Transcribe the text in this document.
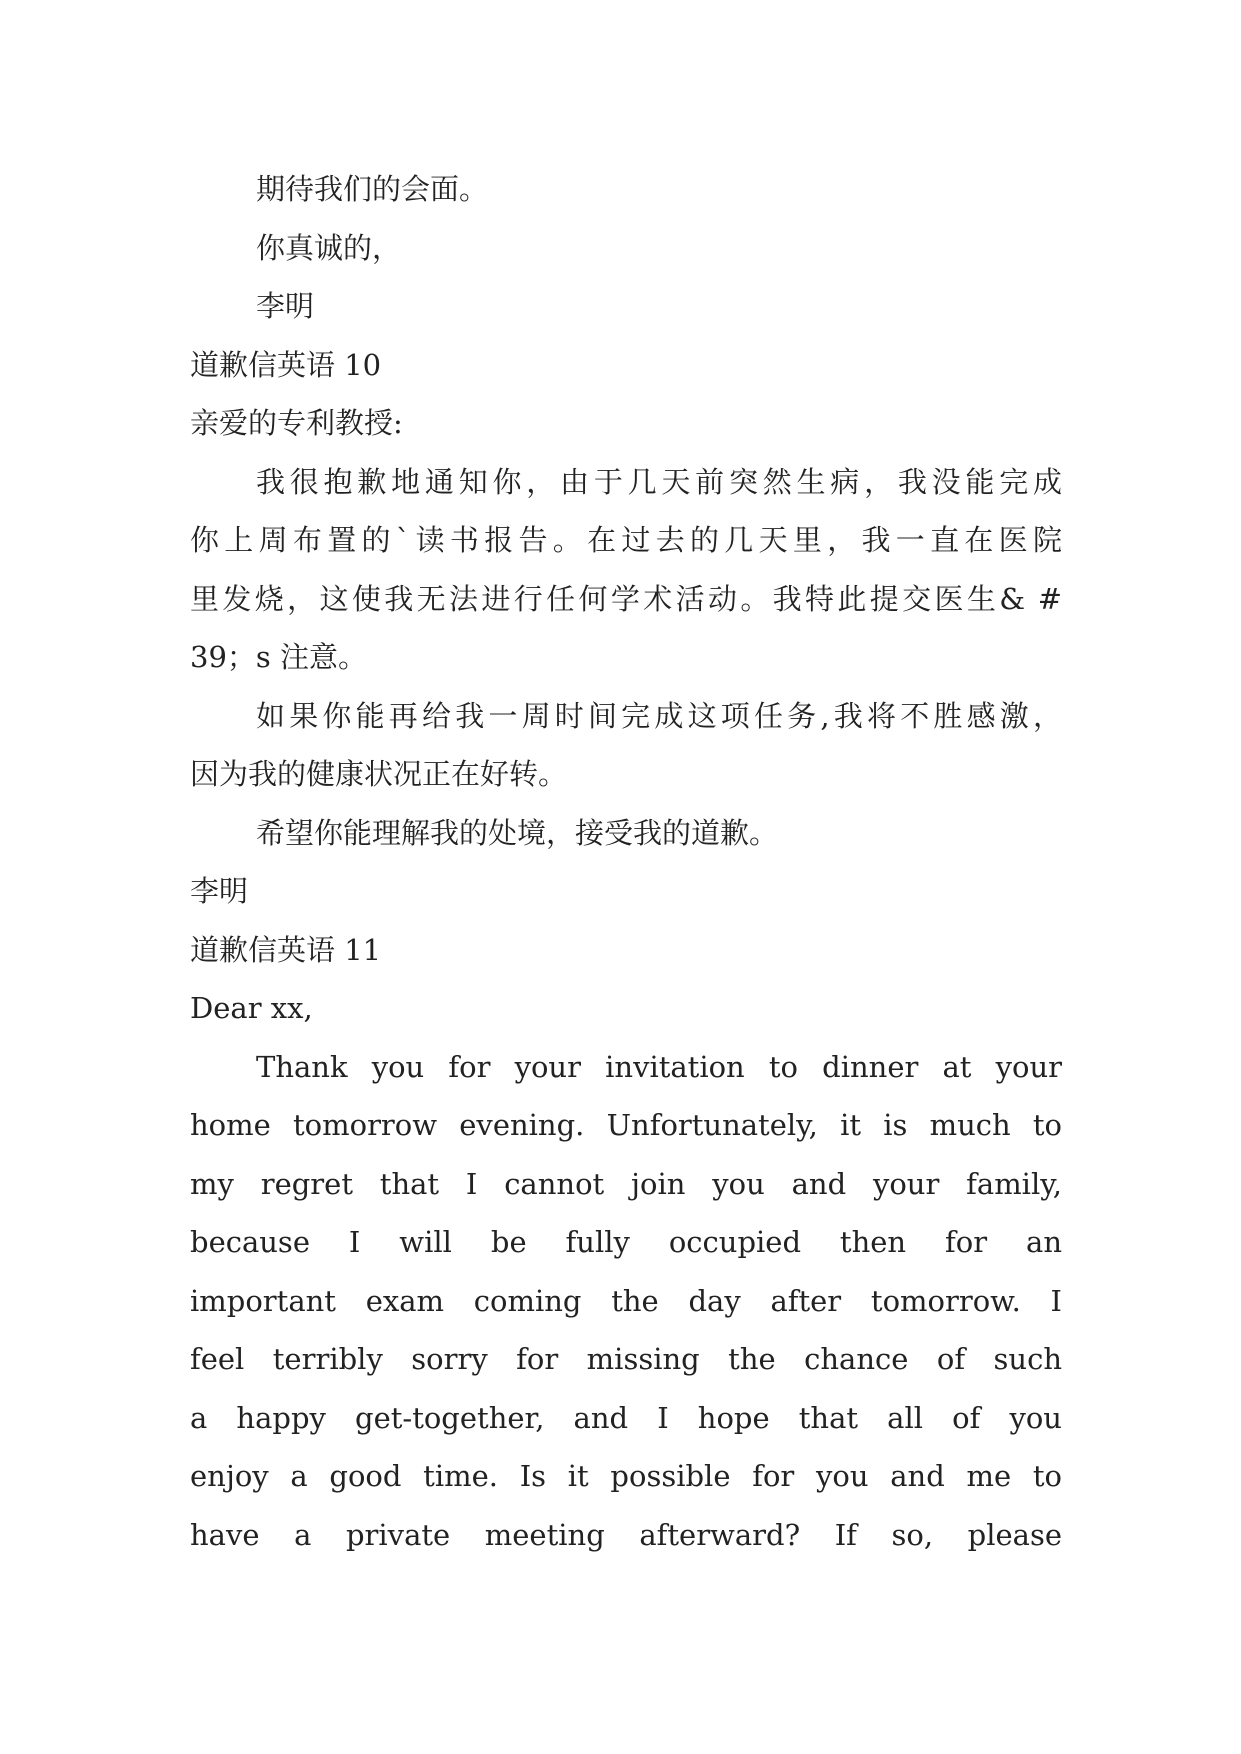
期待我们的会面。
你真诚的，
李明
道歉信英语 10
亲爱的专利教授:
我很抱歉地通知你，由于几天前突然生病，我没能完成
你上周布置的`读书报告。在过去的几天里，我一直在医院
里发烧，这使我无法进行任何学术活动。我特此提交医生& #
39；s 注意。
如果你能再给我一周时间完成这项任务,我将不胜感激，
因为我的健康状况正在好转。
希望你能理解我的处境，接受我的道歉。
李明
道歉信英语 11
Dear xx,
Thank you for your invitation to dinner at your
home tomorrow evening. Unfortunately, it is much to
my regret that I cannot join you and your family,
because I will be fully occupied then for an
important exam coming the day after tomorrow. I
feel terribly sorry for missing the chance of such
a happy get-together, and I hope that all of you
enjoy a good time. Is it possible for you and me to
have a private meeting afterward? If so, please
